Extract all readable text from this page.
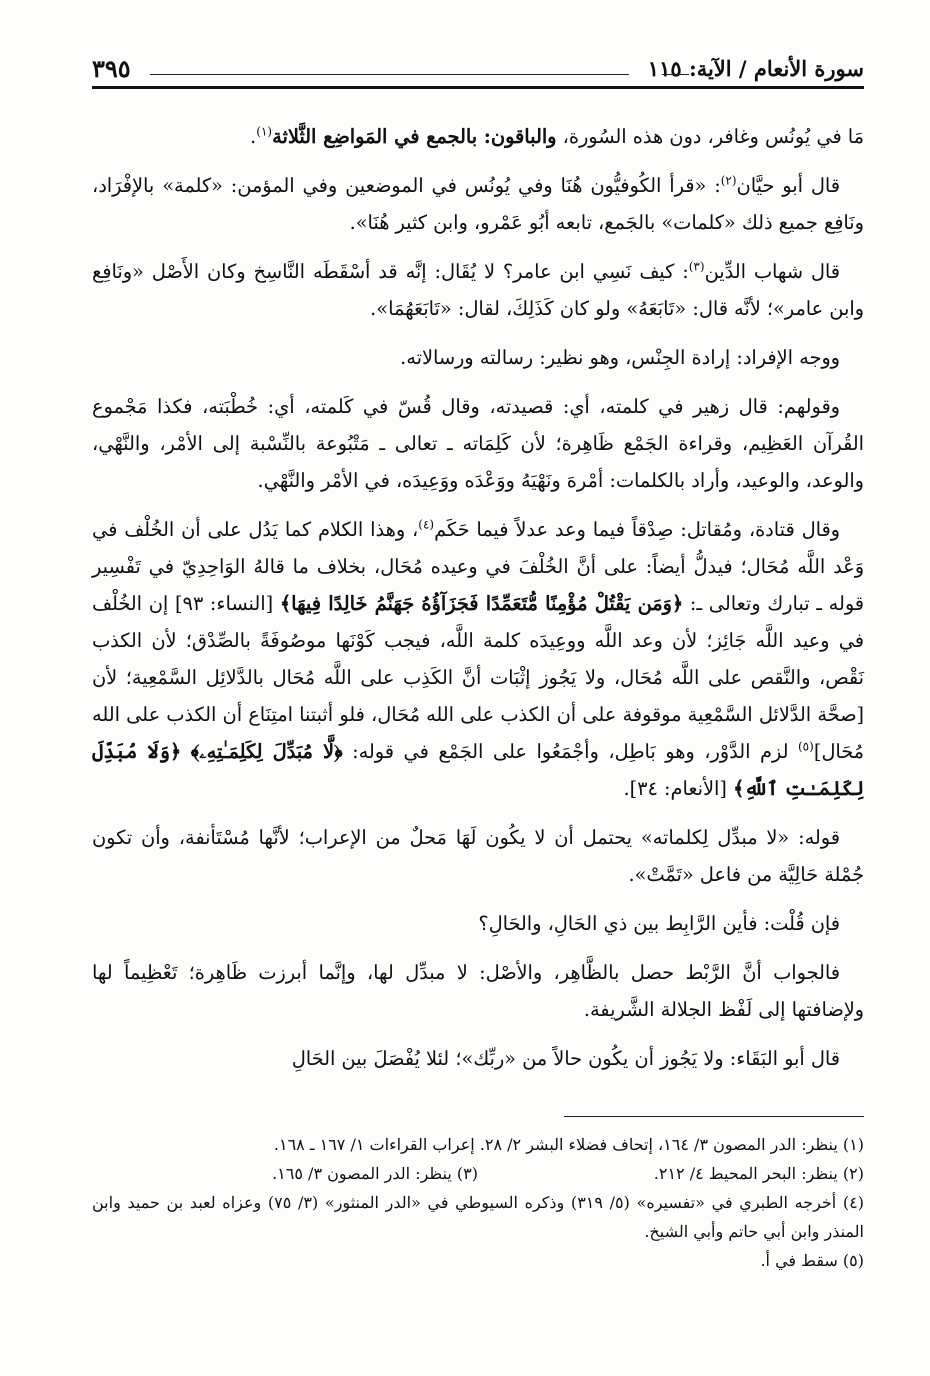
سورة الأنعام / الآية: ١١٥
٣٩٥

مَا في يُونُس وغافر، دون هذه السُورة، والباقون: بالجمع في المَواضِع الثَّلاثة$^{(١)}$.

قال أبو حيَّان$^{(٢)}$: «قرأ الكُوفيُّون هُنَا وفي يُونُس في الموضعين وفي المؤمن: «كلمة» بالإفْرَاد، ونَافِع جميع ذلك «كلمات» بالجَمع، تابعه أبُو عَمْرو، وابن كثير هُنَا».

قال شهاب الدِّين$^{(٣)}$: كيف نَسِي ابن عامر؟ لا يُقَال: إنَّه قد أسْقَطَه النَّاسِخ وكان الأَصْل «ونَافِع وابن عامر»؛ لأنَّه قال: «تَابَعَهُ» ولو كان كَذَلِكَ، لقال: «تَابَعَهُمَا».

ووجه الإفراد: إرادة الجِنْس، وهو نظير: رسالته ورسالاته.

وقولهم: قال زهير في كلمته، أي: قصيدته، وقال قُسّ في كَلمته، أي: خُطْبَته، فكذا مَجْموع القُرآن العَظِيم، وقراءة الجَمْع ظَاهِرة؛ لأن كَلِمَاته ـ تعالى ـ مَتْبُوعة بالنِّسْبة إلى الأمْر، والنَّهْي، والوعد، والوعيد، وأراد بالكلمات: أمْرهَ ونَهْيَهُ ووَعْدَه ووَعِيدَه، في الأمْر والنَّهْي.

وقال قتادة، ومُقاتل: صِدْقاً فيما وعد عدلاً فيما حَكَم$^{(٤)}$، وهذا الكلام كما يَدُل على أن الخُلْف في وَعْد اللَّه مُحَال؛ فيدلُّ أيضاً: على أنَّ الخُلْفَ في وعيده مُحَال، بخلاف ما قالهُ الوَاحِدِيّ في تَفْسِير قوله ـ تبارك وتعالى ـ: ﴿وَمَن يَقْتُلْ مُؤْمِنًا مُّتَعَمِّدًا فَجَزَآؤُهُ جَهَنَّمُ خَالِدًا فِيهَا﴾ [النساء: ٩٣] إن الخُلْف في وعيد اللَّه جَائِز؛ لأن وعد اللَّه ووعِيدَه كلمة اللَّه، فيجب كَوْنَها موصُوفَةً بالصِّدْق؛ لأن الكذب نَقْص، والنَّقص على اللَّه مُحَال، ولا يَجُوز إثْبَات أنَّ الكَذِب على اللَّه مُحَال بالدَّلائِل السَّمْعِية؛ لأن [صحَّة الدَّلائل السَّمْعِية موقوفة على أن الكذب على الله مُحَال، فلو أثبتنا امتِنَاع أن الكذب على الله مُحَال]$^{(٥)}$ لزم الدَّوْر، وهو بَاطِل، وأجْمَعُوا على الجَمْع في قوله: ﴿لَّا مُبَدِّلَ لِكَلِمَـٰتِهِۦ﴾ ﴿وَلَا مُبَدِّلَ لِكَلِمَـٰتِ ٱللَّهِ﴾ [الأنعام: ٣٤].

قوله: «لا مبدِّل لِكلماته» يحتمل أن لا يكُون لَهَا مَحلٌ من الإعراب؛ لأنَّها مُسْتَأنفة، وأن تكون جُمْلة حَالِيَّة من فاعل «تَمَّتْ».

فإن قُلْت: فأين الرَّابِط بين ذي الحَالِ، والحَالِ؟

فالجواب أنَّ الرَّبْط حصل بالظَّاهِر، والأصْل: لا مبدِّل لها، وإنَّما أبرزت ظَاهِرة؛ تَعْظِيماً لها ولإضافتها إلى لَفْظ الجلالة الشَّريفة.

قال أبو البَقَاء: ولا يَجُوز أن يكُون حالاً من «ربِّك»؛ لئلا يُفْصَلَ بين الحَالِ

(١) ينظر: الدر المصون ٣/ ١٦٤، إتحاف فضلاء البشر ٢/ ٢٨. إعراب القراءات ١/ ١٦٧ ـ ١٦٨.

(٢) ينظر: البحر المحيط ٤/ ٢١٢.

(٣) ينظر: الدر المصون ٣/ ١٦٥.

(٤) أخرجه الطبري في «تفسيره» (٥/ ٣١٩) وذكره السيوطي في «الدر المنثور» (٣/ ٧٥) وعزاه لعبد بن حميد وابن المنذر وابن أبي حاتم وأبي الشيخ.

(٥) سقط في أ.
